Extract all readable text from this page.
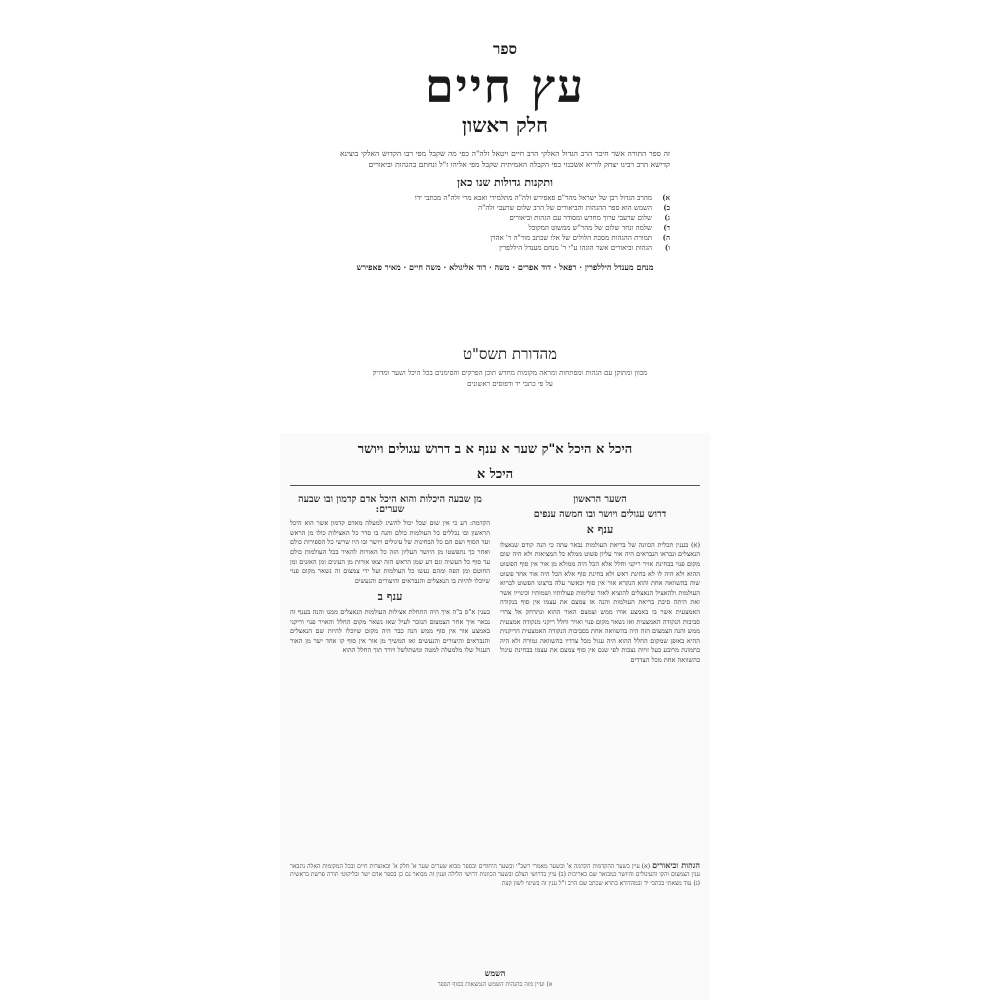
ספר

עץ חיים
חלק ראשון

זה ספר התורה אשר חיבר הרב הגדול האלקי הרב חיים ויטאל זלה"ה כפי מה שקבל מפי רבו הקדוש האלקי בוצינא קדישא הרב רבינו יצחק לוריא אשכנזי כפי הקבלה האמיתית שקבל מפי אליהו ז"ל ונחתם בהגהות וביאורים

ותקנות גדולות שנו כאן
א)
מהרב הגדול רבן של ישראל מהר"ם פאפירש זלה"ה מתלמידי ואבא מרי זלה"ה מכתבי ידו
ב)
השמש הוא ספר ההגהות והביאורים של הרב שלום שרעבי זלה"ה
ג)
שלום שרעבי ערוך מחדש ומסודר עם הגהות וביאורים
ד)
שלמה ונחר שלום של מהר"ש ממשוט המקובל
ה)
תמורת ההגהות מסכת הלולים של אלו שכתב מור"ה ר' אהרן
ו)
הגהות וביאורים אשר הוגהו ע"י ר' מנחם מענדל היללפרין
מנחם מענדל היללפרין · רפאל · דוד אפרים · משה · דוד אליגולא · משה חיים · מאיר פאפירש
מהדורת תשס"ט

מכוון ומתוקן עם הגהות ומפתחות ומראה מקומות מחדש תוכן הפרקים והסימנים בכל היכל ושער ומדויק על פי כתבי יד ודפוסים ראשונים

היכל א היכל א"ק שער א ענף א ב דרוש עגולים ויושר
היכל א
השער הראשון
דרוש עגולים ויושר ובו חמשה ענפים
ענף א

(א) בענין תכלית הכוונה של בריאת העולמות נבאר עתה כי הנה קודם שנאצלו הנאצלים ונבראו הנבראים היה אור עליון פשוט ממלא כל המציאות ולא היה שום מקום פנוי בבחינת אויר ריקני וחלל אלא הכל היה ממולא מן אור אין סוף הפשוט ההוא ולא היה לו לא בחינת ראש ולא בחינת סוף אלא הכל היה אור אחד פשוט שוה בהשוואה אחת והוא הנקרא אור אין סוף וכאשר עלה ברצונו הפשוט לברוא העולמות ולהאציל הנאצלים להוציא לאור שלימות פעולותיו ושמותיו וכינוייו אשר זאת היתה סיבת בריאת העולמות והנה אז צמצם את עצמו אין סוף בנקודה האמצעית אשר בו באמצע אורו ממש וצמצם האור ההוא ונתרחק אל צדדי סביבות הנקודה האמצעית ואז נשאר מקום פנוי ואויר וחלל ריקני מנקודה אמצעית ממש והנה הצמצום הזה היה בהשוואה אחת בסביבות הנקודה האמצעית הריקנית ההיא באופן שמקום החלל ההוא היה עגול מכל צדדיו בהשוואה גמורה ולא היה בתמונת מרובע בעל זויות נצבות לפי שגם אין סוף צמצם את עצמו בבחינת עיגול בהשוואה אחת מכל הצדדים

מן שבעה היכלות והוא היכל אדם קדמון ובו שבעה שערים:

הקדמה: דע כי אין שום שכל יכול להשיג למעלה מאדם קדמון אשר הוא היכל הראשון ובו נכללים כל העולמות כולם והנה בו סדר כל האצילות כולו מן הראש ועד הסוף ושם הם כל הבחינות של עיגולים ויושר ובו היו שרשי כל הספירות כולם ואחר כך נתפשטו מן היושר העליון הזה כל האורות להאיר בכל העולמות כולם עד סוף כל העשיה וגם דע שמן הראש הזה יצאו אורות מן העינים ומן האזנים ומן החוטם ומן הפה ומהם נעשו כל העולמות ועל ידי צמצום זה נשאר מקום פנוי שיוכלו להיות בו הנאצלים והנבראים והיצורים והנעשים

ענף ב

בענין א"ס ב"ה איך היה התחלת אצילות העולמות הנאצלים ממנו והנה בענף זה נבאר איך אחר הצמצום הנזכר לעיל שאז נשאר מקום החלל והאויר פנוי וריקני באמצע אור אין סוף ממש הנה כבר היה מקום שיוכלו להיות שם הנאצלים והנבראים והיצורים והנעשים ואז המשיך מן אור אין סוף קו אחד ישר מן האור העגול שלו מלמעלה למטה ומשתלשל ויורד תוך החלל ההוא

הגהות וביאורים (א) עיין בשער ההקדמות הקדמה א' ובשער מאמרי רשב"י ובשער היחודים ובספר מבוא שערים שער א' חלק א' ובאוצרות חיים ובכל המקומות האלה נתבאר ענין הצמצום והקו והעיגולים והיושר כמבואר שם באריכות (ב) עיין בדרושי הצלם ובשער הכוונות דרושי הלילה וענין זה מבואר גם כן בספר אדם ישר ובליקוטי תורה פרשת בראשית (ג) עוד מצאתי בכתבי יד ובמהדורא בתרא שכתב שם הרב ז"ל ענין זה בשינוי לשון קצת
השמש
א) ועיין מזה בהגהות השמש הנמצאות בסוף הספר
